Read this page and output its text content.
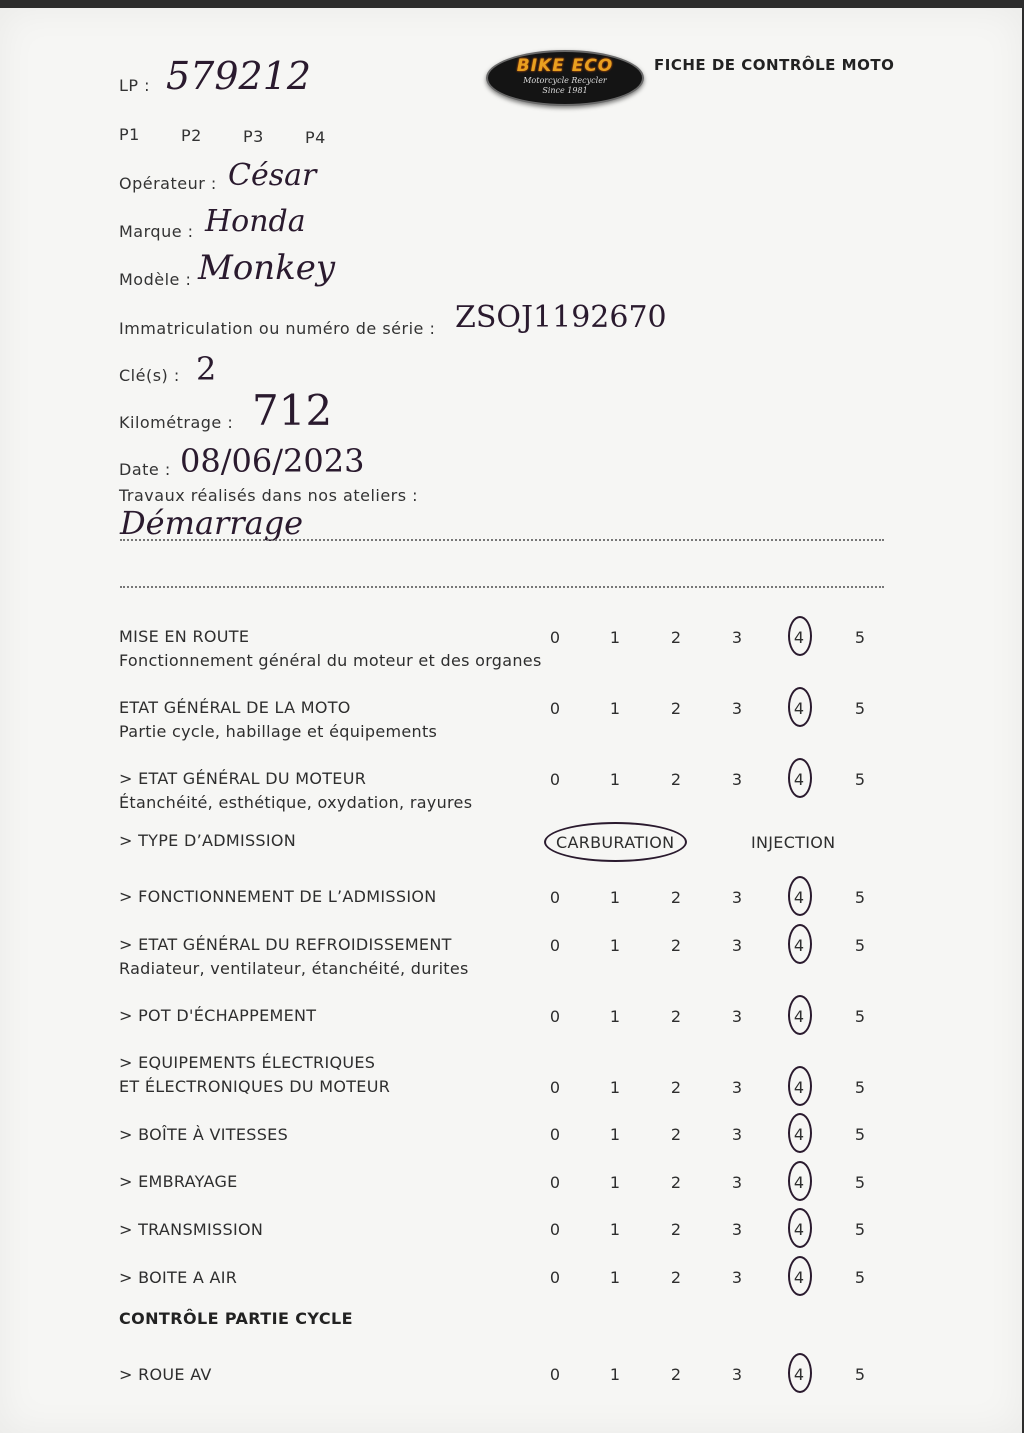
BIKE ECO
Motorcycle Recycler
Since 1981
FICHE DE CONTRÔLE MOTO
LP : 579212
P1	P2	P3	P4
Opérateur : César
Marque : Honda
Modèle : Monkey
Immatriculation ou numéro de série : ZSOJ1192670
Clé(s) : 2
Kilométrage : 712
Date : 08/06/2023
Travaux réalisés dans nos ateliers :
Démarrage
MISE EN ROUTE
Fonctionnement général du moteur et des organes
0	1	2	3	4	5
ETAT GÉNÉRAL DE LA MOTO
Partie cycle, habillage et équipements
0	1	2	3	4	5
> ETAT GÉNÉRAL DU MOTEUR
Étanchéité, esthétique, oxydation, rayures
0	1	2	3	4	5
> FONCTIONNEMENT DE L’ADMISSION	0	1	2	3	4	5
> ETAT GÉNÉRAL DU REFROIDISSEMENT
Radiateur, ventilateur, étanchéité, durites
0	1	2	3	4	5
> POT D'ÉCHAPPEMENT	0	1	2	3	4	5
> EQUIPEMENTS ÉLECTRIQUES
ET ÉLECTRONIQUES DU MOTEUR	0	1	2	3	4	5
> BOÎTE À VITESSES	0	1	2	3	4	5
> EMBRAYAGE	0	1	2	3	4	5
> TRANSMISSION	0	1	2	3	4	5
> BOITE A AIR	0	1	2	3	4	5
> ROUE AV	0	1	2	3	4	5
> TYPE D’ADMISSION	CARBURATION	INJECTION
CONTRÔLE PARTIE CYCLE
